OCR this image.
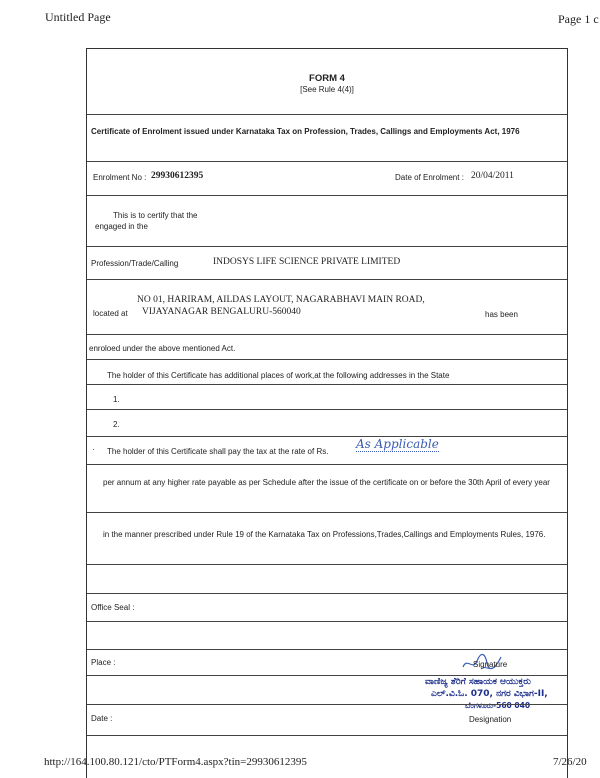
Untitled Page	Page 1 c
FORM 4
[See Rule 4(4)]
Certificate of Enrolment issued under Karnataka Tax on Profession, Trades, Callings and Employments Act, 1976
Enrolment No : 29930612395	Date of Enrolment : 20/04/2011
This is to certify that the
engaged in the
Profession/Trade/Calling	INDOSYS LIFE SCIENCE PRIVATE LIMITED
NO 01, HARIRAM, AILDAS LAYOUT, NAGARABHAVI MAIN ROAD,
located at VIJAYANAGAR BENGALURU-560040	has been
enroloed under the above mentioned Act.
The holder of this Certificate has additional places of work,at the following addresses in the State
1.
2.
· The holder of this Certificate shall pay the tax at the rate of Rs.
As Applicable
per annum at any higher rate payable as per Schedule after the issue of the certificate on or before the 30th April of every year
in the manner prescribed under Rule 19 of the Karnataka Tax on Professions,Trades,Callings and Employments Rules, 1976.
Office Seal :
Place :	Signature
ವಾಣಿಜ್ಯ ತೆರಿಗೆ ಸಹಾಯಕ ಆಯುಕ್ತರು
ಎಲ್.ವಿ.ಓ. 070, ನಗರ ವಿಭಾಗ-II,
ಬೆಂಗಳೂರು-560 040
Date :	Designation
http://164.100.80.121/cto/PTForm4.aspx?tin=29930612395	7/26/20
